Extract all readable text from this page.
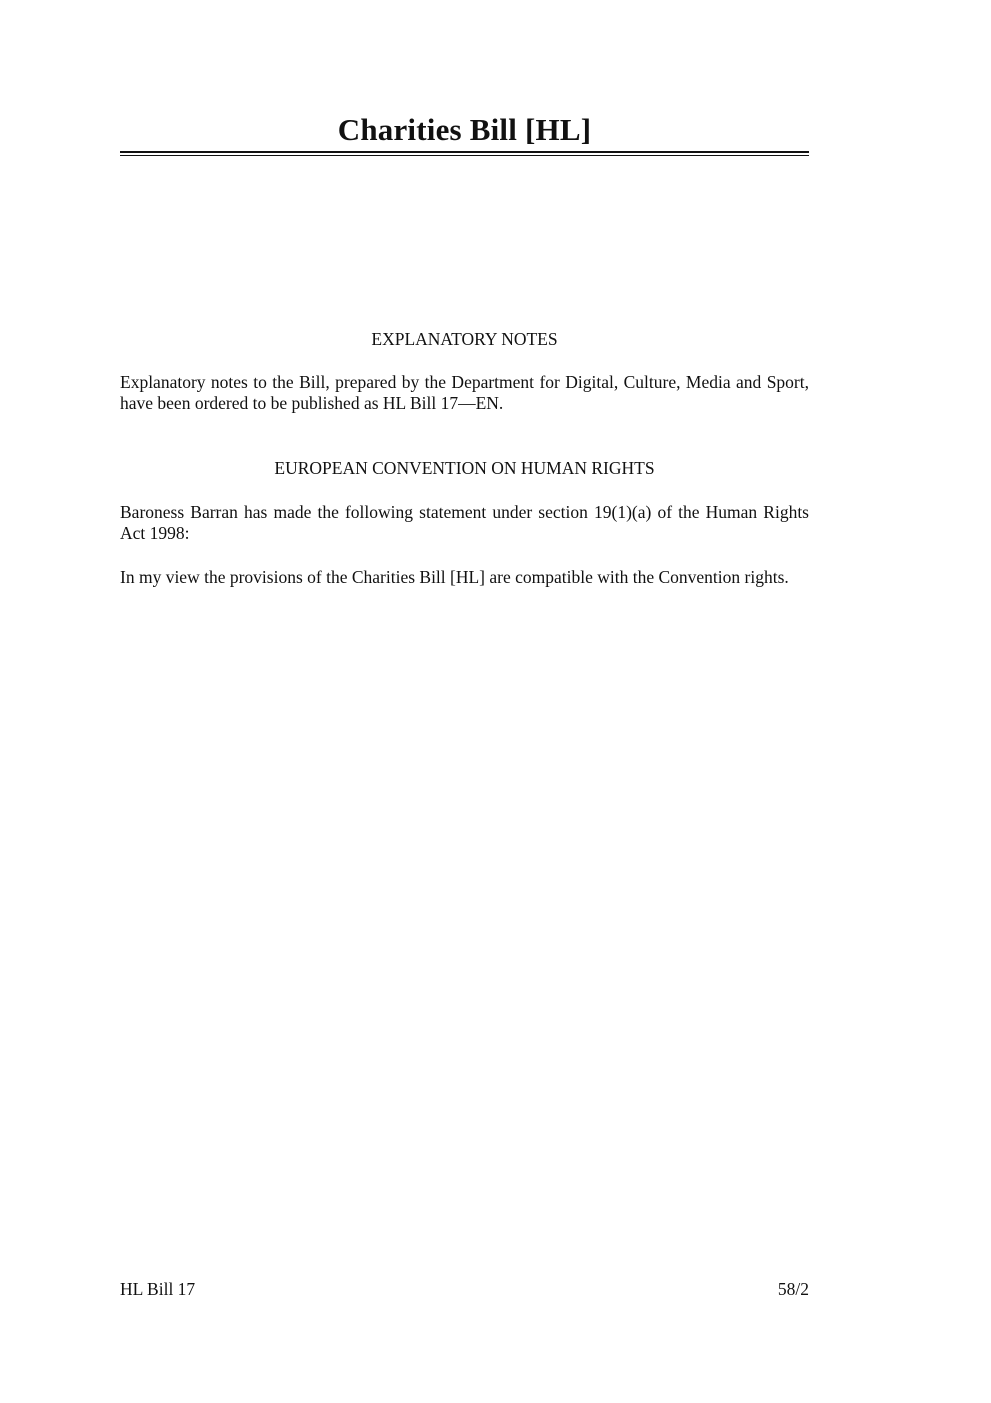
Charities Bill [HL]
EXPLANATORY NOTES

Explanatory notes to the Bill, prepared by the Department for Digital, Culture, Media and Sport, have been ordered to be published as HL Bill 17—EN.

EUROPEAN CONVENTION ON HUMAN RIGHTS

Baroness Barran has made the following statement under section 19(1)(a) of the Human Rights Act 1998:

In my view the provisions of the Charities Bill [HL] are compatible with the Convention rights.

HL Bill 17	58/2
